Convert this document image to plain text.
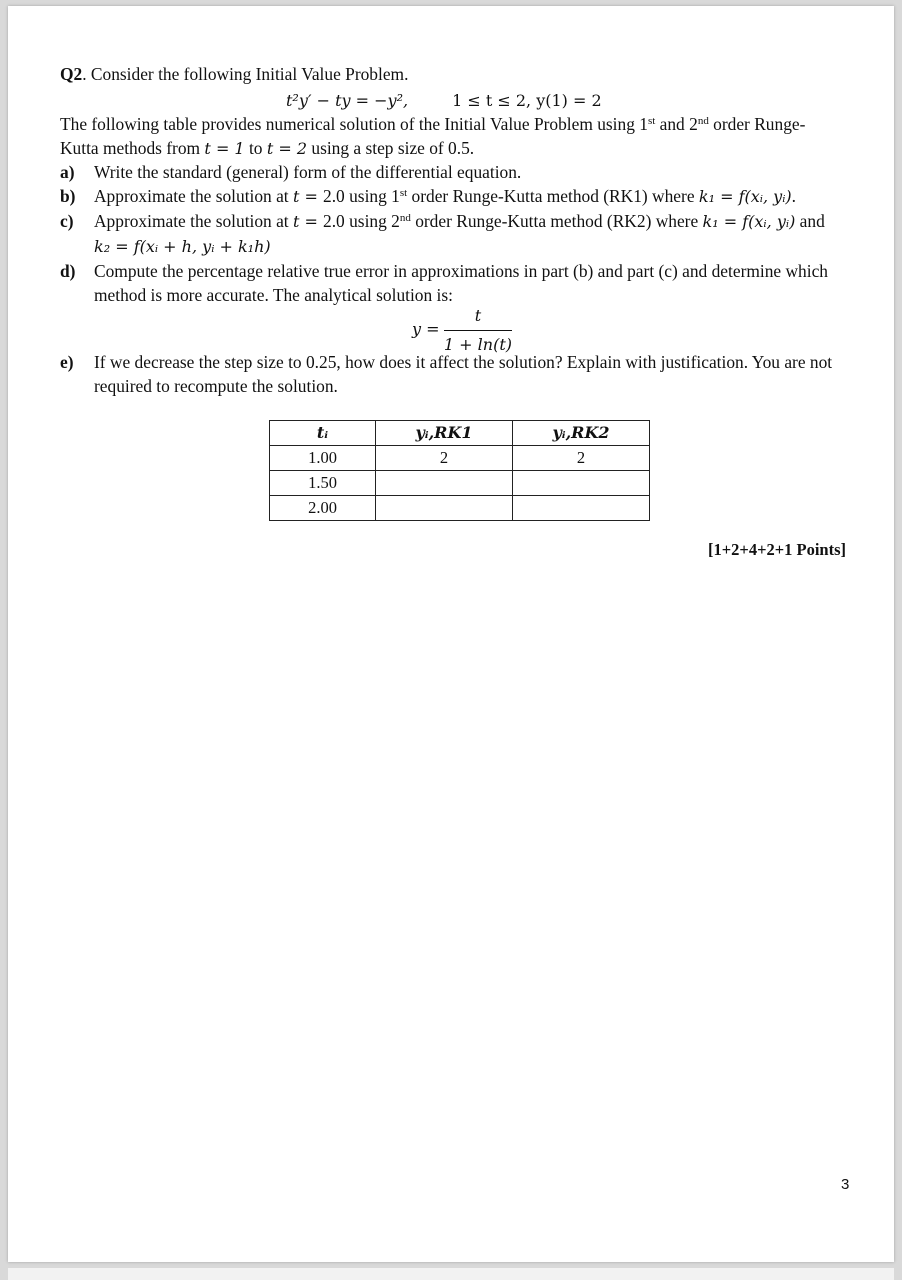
Q2. Consider the following Initial Value Problem.
t²y′ − ty = −y²,	1 ≤ t ≤ 2, y(1) = 2
The following table provides numerical solution of the Initial Value Problem using 1st and 2nd order Runge-
Kutta methods from t = 1 to t = 2 using a step size of 0.5.
a) Write the standard (general) form of the differential equation.
b) Approximate the solution at t = 2.0 using 1st order Runge-Kutta method (RK1) where k₁ = f(xᵢ, yᵢ).
c) Approximate the solution at t = 2.0 using 2nd order Runge-Kutta method (RK2) where k₁ = f(xᵢ, yᵢ) and
k₂ = f(xᵢ + h, yᵢ + k₁h)
d) Compute the percentage relative true error in approximations in part (b) and part (c) and determine which
method is more accurate. The analytical solution is:
$y = \frac{t}{1 + \ln(t)}$
e) If we decrease the step size to 0.25, how does it affect the solution? Explain with justification. You are not
required to recompute the solution.
tᵢ	yᵢ,RK1	yᵢ,RK2
1.00	2	2
1.50		
2.00		
[1+2+4+2+1 Points]
3
